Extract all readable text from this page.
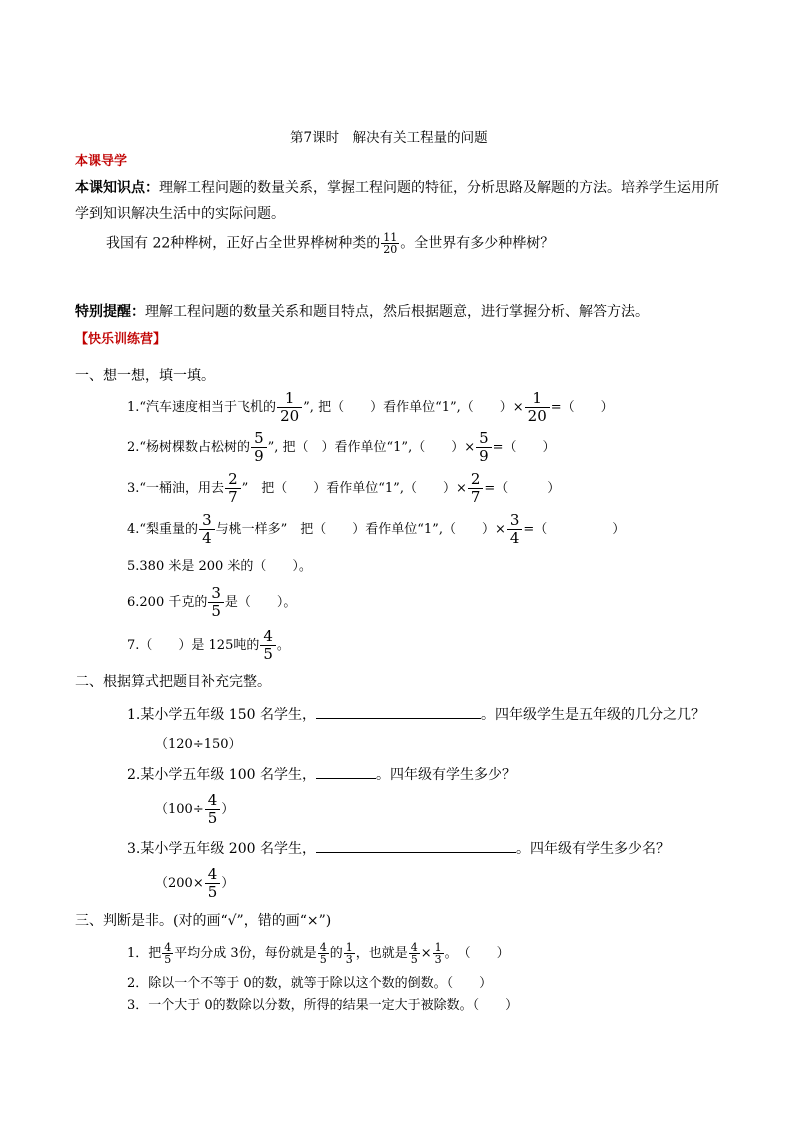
第7课时　解决有关工程量的问题
本课导学
本课知识点：理解工程问题的数量关系，掌握工程问题的特征，分析思路及解题的方法。培养学生运用所
学到知识解决生活中的实际问题。
我国有 22种桦树，正好占全世界桦树种类的 $\frac{11}{20}$ 。全世界有多少种桦树？
特别提醒：理解工程问题的数量关系和题目特点，然后根据题意，进行掌握分析、解答方法。
【快乐训练营】
一、想一想，填一填。
1.“汽车速度相当于飞机的 $\frac{1}{20}$ ”, 把（　　）看作单位“1”,（　　）× $\frac{1}{20}$ =（　　）
2.“杨树棵数占松树的 $\frac{5}{9}$ ”, 把（　）看作单位“1”,（　　）× $\frac{5}{9}$ =（　　）
3.“一桶油，用去 $\frac{2}{7}$ ”　把（　　）看作单位“1”,（　　）× $\frac{2}{7}$ =（　　　）
4.“梨重量的 $\frac{3}{4}$ 与桃一样多”　把（　　）看作单位“1”,（　　）× $\frac{3}{4}$ =（　　　　　）
5.380 米是 200 米的（　　）。
6.200 千克的 $\frac{3}{5}$ 是（　　）。
7.（　　）是 125吨的 $\frac{4}{5}$ 。
二、根据算式把题目补充完整。
1.某小学五年级 150 名学生，	。四年级学生是五年级的几分之几？
（120÷150）
2.某小学五年级 100 名学生，	。四年级有学生多少？
（$100\div \frac{4}{5}$ ）
3.某小学五年级 200 名学生，	。四年级有学生多少名？
（$200\times \frac{4}{5}$ ）
三、判断是非。(对的画“√”，错的画“×”)
1．把 $\frac{4}{5}$ 平均分成 3份，每份就是 $\frac{4}{5}$ 的 $\frac{1}{3}$ ，也就是 $\frac{4}{5} \times \frac{1}{3}$ 。　（　　）
2．除以一个不等于 0的数，就等于除以这个数的倒数。（　　）
3．一个大于 0的数除以分数，所得的结果一定大于被除数。（　　）
